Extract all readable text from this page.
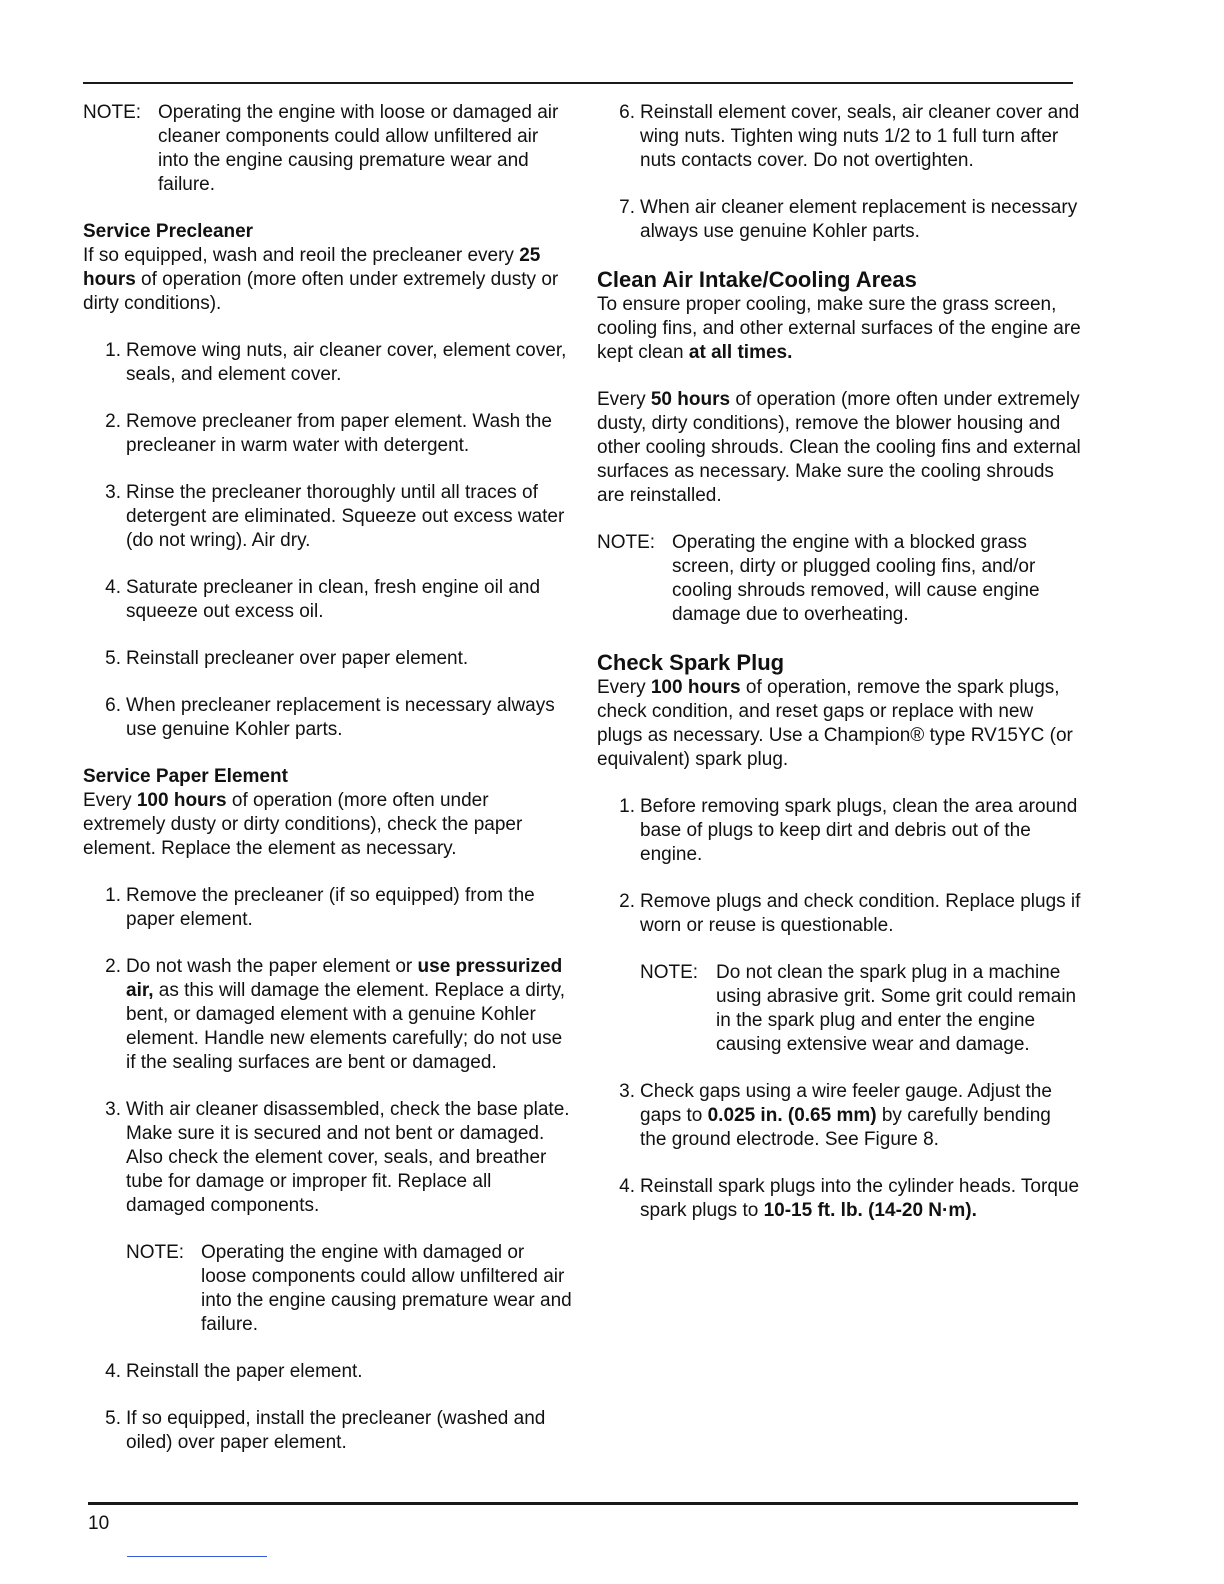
NOTE: Operating the engine with loose or damaged air cleaner components could allow unfiltered air into the engine causing premature wear and failure.
Service Precleaner

If so equipped, wash and reoil the precleaner every 25 hours of operation (more often under extremely dusty or dirty conditions).

1. Remove wing nuts, air cleaner cover, element cover, seals, and element cover.
2. Remove precleaner from paper element. Wash the precleaner in warm water with detergent.
3. Rinse the precleaner thoroughly until all traces of detergent are eliminated. Squeeze out excess water (do not wring). Air dry.
4. Saturate precleaner in clean, fresh engine oil and squeeze out excess oil.
5. Reinstall precleaner over paper element.
6. When precleaner replacement is necessary always use genuine Kohler parts.
Service Paper Element

Every 100 hours of operation (more often under extremely dusty or dirty conditions), check the paper element. Replace the element as necessary.

1. Remove the precleaner (if so equipped) from the paper element.
2. Do not wash the paper element or use pressurized air, as this will damage the element. Replace a dirty, bent, or damaged element with a genuine Kohler element. Handle new elements carefully; do not use if the sealing surfaces are bent or damaged.
3. With air cleaner disassembled, check the base plate. Make sure it is secured and not bent or damaged. Also check the element cover, seals, and breather tube for damage or improper fit. Replace all damaged components.
NOTE: Operating the engine with damaged or loose components could allow unfiltered air into the engine causing premature wear and failure.
4. Reinstall the paper element.
5. If so equipped, install the precleaner (washed and oiled) over paper element.
6. Reinstall element cover, seals, air cleaner cover and wing nuts. Tighten wing nuts 1/2 to 1 full turn after nuts contacts cover. Do not overtighten.
7. When air cleaner element replacement is necessary always use genuine Kohler parts.
Clean Air Intake/Cooling Areas

To ensure proper cooling, make sure the grass screen, cooling fins, and other external surfaces of the engine are kept clean at all times.

Every 50 hours of operation (more often under extremely dusty, dirty conditions), remove the blower housing and other cooling shrouds. Clean the cooling fins and external surfaces as necessary. Make sure the cooling shrouds are reinstalled.

NOTE: Operating the engine with a blocked grass screen, dirty or plugged cooling fins, and/or cooling shrouds removed, will cause engine damage due to overheating.
Check Spark Plug

Every 100 hours of operation, remove the spark plugs, check condition, and reset gaps or replace with new plugs as necessary. Use a Champion® type RV15YC (or equivalent) spark plug.

1. Before removing spark plugs, clean the area around base of plugs to keep dirt and debris out of the engine.
2. Remove plugs and check condition. Replace plugs if worn or reuse is questionable.
NOTE: Do not clean the spark plug in a machine using abrasive grit. Some grit could remain in the spark plug and enter the engine causing extensive wear and damage.
3. Check gaps using a wire feeler gauge. Adjust the gaps to 0.025 in. (0.65 mm) by carefully bending the ground electrode. See Figure 8.
4. Reinstall spark plugs into the cylinder heads. Torque spark plugs to 10-15 ft. lb. (14-20 N·m).
10
